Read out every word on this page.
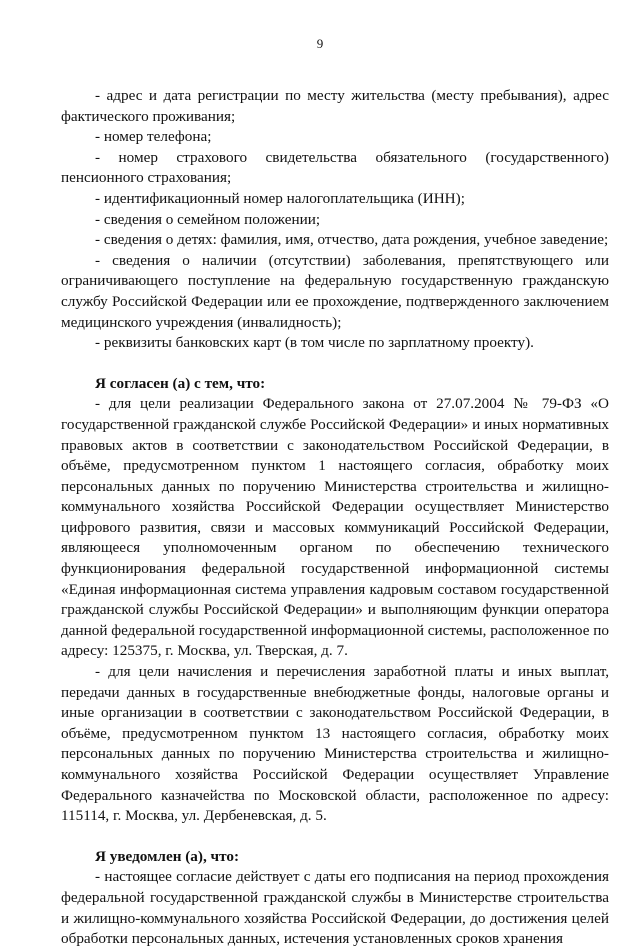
9

- адрес и дата регистрации по месту жительства (месту пребывания), адрес фактического проживания;

- номер телефона;

- номер страхового свидетельства обязательного (государственного) пенсионного страхования;

- идентификационный номер налогоплательщика (ИНН);

- сведения о семейном положении;

- сведения о детях: фамилия, имя, отчество, дата рождения, учебное заведение;

- сведения о наличии (отсутствии) заболевания, препятствующего или ограничивающего поступление на федеральную государственную гражданскую службу Российской Федерации или ее прохождение, подтвержденного заключением медицинского учреждения (инвалидность);

- реквизиты банковских карт (в том числе по зарплатному проекту).

Я согласен (а) с тем, что:

- для цели реализации Федерального закона от 27.07.2004 № 79-ФЗ «О государственной гражданской службе Российской Федерации» и иных нормативных правовых актов в соответствии с законодательством Российской Федерации, в объёме, предусмотренном пунктом 1 настоящего согласия, обработку моих персональных данных по поручению Министерства строительства и жилищно-коммунального хозяйства Российской Федерации осуществляет Министерство цифрового развития, связи и массовых коммуникаций Российской Федерации, являющееся уполномоченным органом по обеспечению технического функционирования федеральной государственной информационной системы «Единая информационная система управления кадровым составом государственной гражданской службы Российской Федерации» и выполняющим функции оператора данной федеральной государственной информационной системы, расположенное по адресу: 125375, г. Москва, ул. Тверская, д. 7.

- для цели начисления и перечисления заработной платы и иных выплат, передачи данных в государственные внебюджетные фонды, налоговые органы и иные организации в соответствии с законодательством Российской Федерации, в объёме, предусмотренном пунктом 13 настоящего согласия, обработку моих персональных данных по поручению Министерства строительства и жилищно-коммунального хозяйства Российской Федерации осуществляет Управление Федерального казначейства по Московской области, расположенное по адресу: 115114, г. Москва, ул. Дербеневская, д. 5.

Я уведомлен (а), что:

- настоящее согласие действует с даты его подписания на период прохождения федеральной государственной гражданской службы в Министерстве строительства и жилищно-коммунального хозяйства Российской Федерации, до достижения целей обработки персональных данных, истечения установленных сроков хранения
